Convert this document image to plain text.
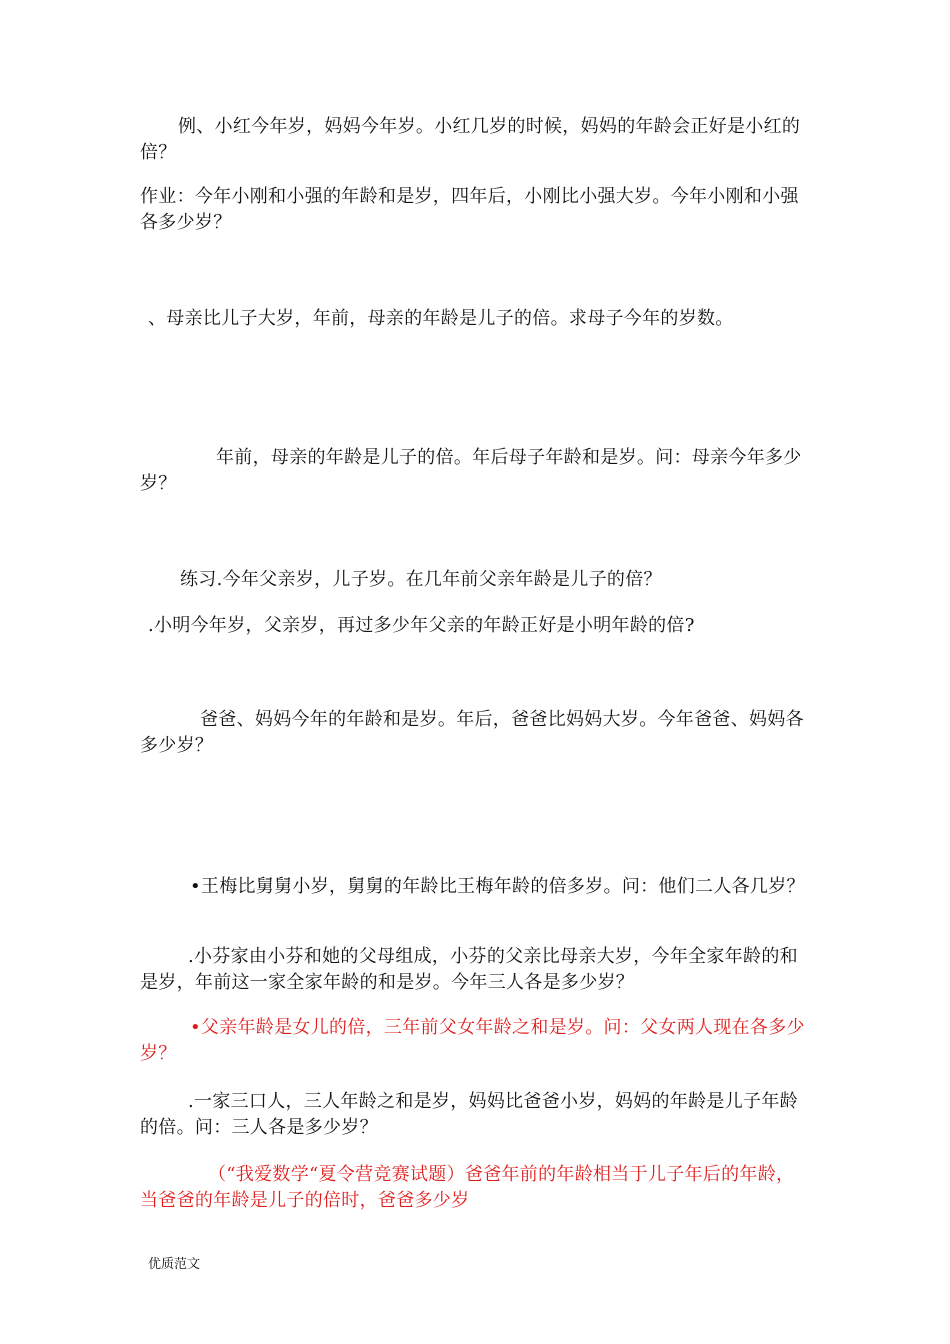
例、小红今年岁，妈妈今年岁。小红几岁的时候，妈妈的年龄会正好是小红的倍？
作业：今年小刚和小强的年龄和是岁，四年后，小刚比小强大岁。今年小刚和小强各多少岁？
、母亲比儿子大岁，年前，母亲的年龄是儿子的倍。求母子今年的岁数。
年前，母亲的年龄是儿子的倍。年后母子年龄和是岁。问：母亲今年多少岁？
练习.今年父亲岁，儿子岁。在几年前父亲年龄是儿子的倍？
.小明今年岁，父亲岁，再过多少年父亲的年龄正好是小明年龄的倍?
爸爸、妈妈今年的年龄和是岁。年后，爸爸比妈妈大岁。今年爸爸、妈妈各多少岁？
•王梅比舅舅小岁，舅舅的年龄比王梅年龄的倍多岁。问：他们二人各几岁？
.小芬家由小芬和她的父母组成，小芬的父亲比母亲大岁，今年全家年龄的和是岁，年前这一家全家年龄的和是岁。今年三人各是多少岁？
•父亲年龄是女儿的倍，三年前父女年龄之和是岁。问：父女两人现在各多少岁？
.一家三口人，三人年龄之和是岁，妈妈比爸爸小岁，妈妈的年龄是儿子年龄的倍。问：三人各是多少岁？
（“我爱数学“夏令营竞赛试题）爸爸年前的年龄相当于儿子年后的年龄，当爸爸的年龄是儿子的倍时，爸爸多少岁
优质范文
